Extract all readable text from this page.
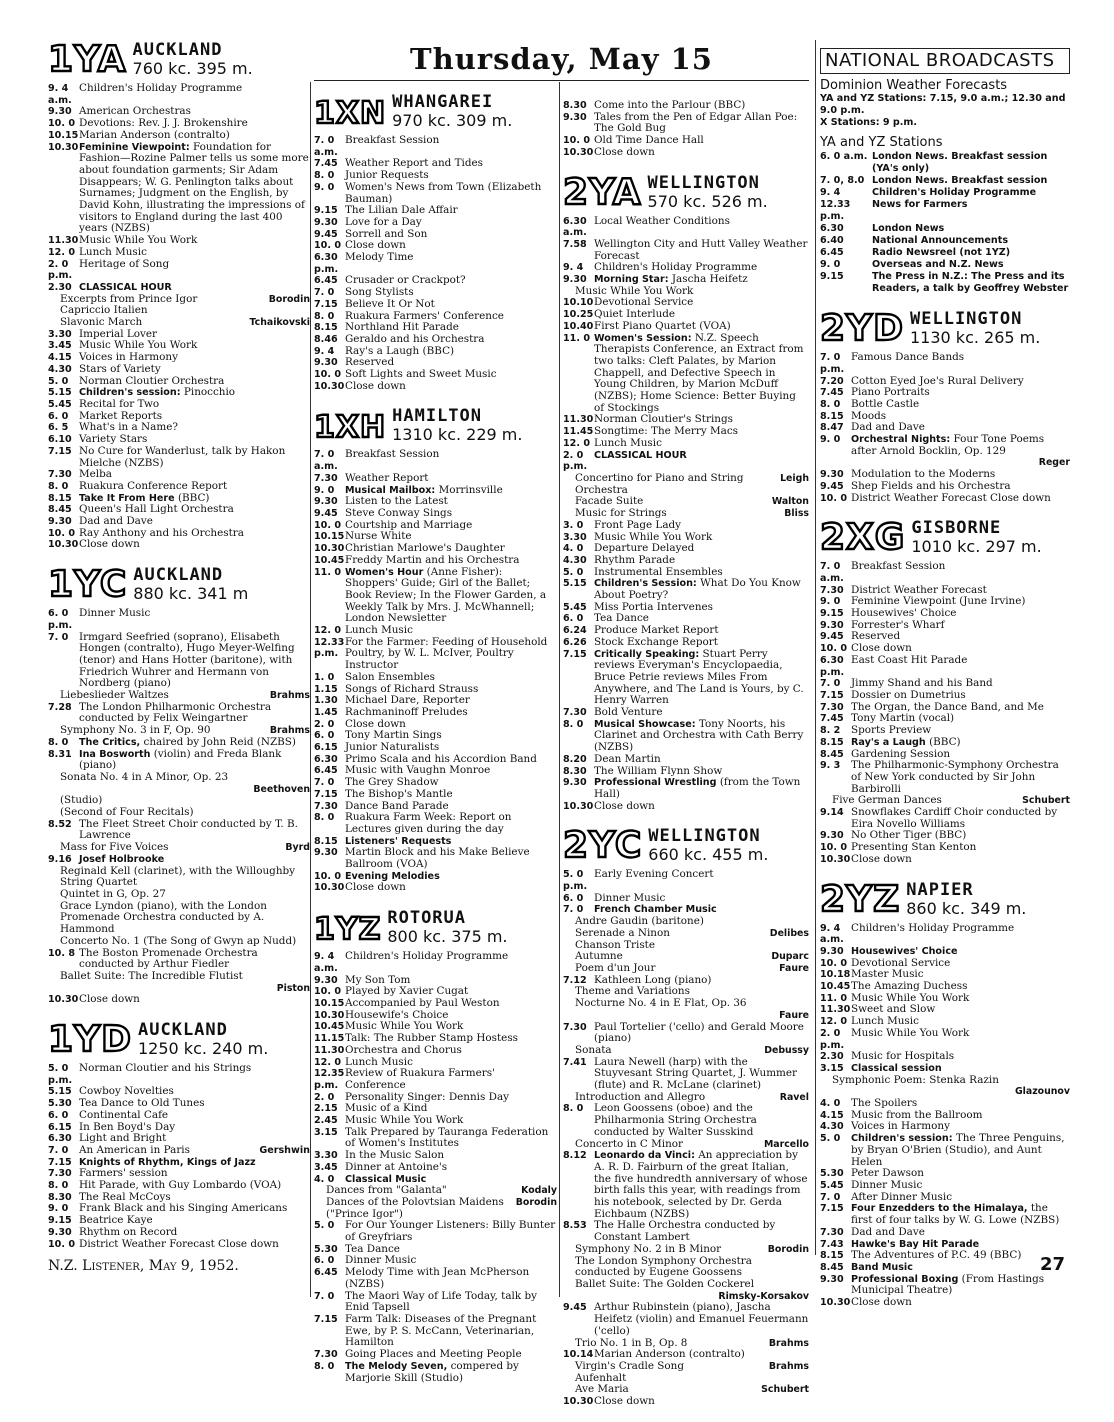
Thursday, May 15
1YA AUCKLAND
760 kc. 395 m.
9. 4 a.m.
Children's Holiday Programme
9.30 American Orchestras
10. 0 Devotions: Rev. J. J. Brokenshire
10.15 Marian Anderson (contralto)
10.30 Feminine Viewpoint: Foundation for Fashion—Rozine Palmer tells us some more about foundation garments; Sir Adam Disappears; W. G. Penlington talks about Surnames; Judgment on the English, by David Kohn, illustrating the impressions of visitors to England during the last 400 years (NZBS)
11.30 Music While You Work
12. 0 Lunch Music
2. 0 p.m.
Heritage of Song
2.30 CLASSICAL HOUR
Excerpts from Prince Igor	Borodin
Capriccio Italien
Slavonic March	Tchaikovski
3.30 Imperial Lover
3.45 Music While You Work
4.15 Voices in Harmony
4.30 Stars of Variety
5. 0	Norman Cloutier Orchestra
5.15 Children's session: Pinocchio
5.45 Recital for Two
6. 0	Market Reports
6. 5	What's in a Name?
6.10 Variety Stars
7.15 No Cure for Wanderlust, talk by Hakon Mielche (NZBS)
7.30 Melba
8. 0	Ruakura Conference Report
8.15 Take It From Here (BBC)
8.45 Queen's Hall Light Orchestra
9.30 Dad and Dave
10. 0 Ray Anthony and his Orchestra
10.30 Close down
1YC AUCKLAND
880 kc. 341 m
6. 0 p.m.
Dinner Music
7. 0	Irmgard Seefried (soprano), Elisabeth Hongen (contralto), Hugo Meyer-Welfing (tenor) and Hans Hotter (baritone), with Friedrich Wuhrer and Hermann von Nordberg (piano)
Liebeslieder Waltzes	Brahms
7.28 The London Philharmonic Orchestra conducted by Felix Weingartner
Symphony No. 3 in F, Op. 90	Brahms
8. 0	The Critics, chaired by John Reid (NZBS)
8.31 Ina Bosworth (violin) and Freda Blank (piano)
Sonata No. 4 in A Minor, Op. 23
Beethoven
(Studio)
(Second of Four Recitals)
8.52 The Fleet Street Choir conducted by T. B. Lawrence
Mass for Five Voices	Byrd
9.16 Josef Holbrooke
Reginald Kell (clarinet), with the Willoughby String Quartet
Quintet in G, Op. 27
Grace Lyndon (piano), with the London Promenade Orchestra conducted by A. Hammond
Concerto No. 1 (The Song of Gwyn ap Nudd)
10. 8 The Boston Promenade Orchestra conducted by Arthur Fiedler
Ballet Suite: The Incredible Flutist
Piston
10.30 Close down
1YD AUCKLAND
1250 kc. 240 m.
5. 0 p.m.
Norman Cloutier and his Strings
5.15 Cowboy Novelties
5.30 Tea Dance to Old Tunes
6. 0	Continental Cafe
6.15 In Ben Boyd's Day
6.30 Light and Bright
7. 0	An American in Paris	Gershwin
7.15 Knights of Rhythm, Kings of Jazz
7.30 Farmers' session
8. 0	Hit Parade, with Guy Lombardo (VOA)
8.30 The Real McCoys
9. 0	Frank Black and his Singing Americans
9.15 Beatrice Kaye
9.30 Rhythm on Record
10. 0 District Weather Forecast Close down
1XN WHANGAREI
970 kc. 309 m.
7. 0 a.m.
Breakfast Session
7.45 Weather Report and Tides
8. 0	Junior Requests
9. 0	Women's News from Town (Elizabeth Bauman)
9.15 The Lilian Dale Affair
9.30 Love for a Day
9.45 Sorrell and Son
10. 0 Close down
6.30 p.m.
Melody Time
6.45 Crusader or Crackpot?
7. 0	Song Stylists
7.15 Believe It Or Not
8. 0	Ruakura Farmers' Conference
8.15 Northland Hit Parade
8.46 Geraldo and his Orchestra
9. 4	Ray's a Laugh (BBC)
9.30 Reserved
10. 0 Soft Lights and Sweet Music
10.30 Close down
1XH HAMILTON
1310 kc. 229 m.
7. 0 a.m.
Breakfast Session
7.30 Weather Report
9. 0	Musical Mailbox: Morrinsville
9.30 Listen to the Latest
9.45 Steve Conway Sings
10. 0 Courtship and Marriage
10.15 Nurse White
10.30 Christian Marlowe's Daughter
10.45 Freddy Martin and his Orchestra
11. 0 Women's Hour (Anne Fisher): Shoppers' Guide; Girl of the Ballet; Book Review; In the Flower Garden, a Weekly Talk by Mrs. J. McWhannell; London Newsletter
12. 0 Lunch Music
12.33 p.m.
For the Farmer: Feeding of Household Poultry, by W. L. McIver, Poultry Instructor
1. 0	Salon Ensembles
1.15 Songs of Richard Strauss
1.30 Michael Dare, Reporter
1.45 Rachmaninoff Preludes
2. 0	Close down
6. 0	Tony Martin Sings
6.15 Junior Naturalists
6.30 Primo Scala and his Accordion Band
6.45 Music with Vaughn Monroe
7. 0	The Grey Shadow
7.15 The Bishop's Mantle
7.30 Dance Band Parade
8. 0	Ruakura Farm Week: Report on Lectures given during the day
8.15 Listeners' Requests
9.30 Martin Block and his Make Believe Ballroom (VOA)
10. 0 Evening Melodies
10.30 Close down
1YZ ROTORUA
800 kc. 375 m.
9. 4 a.m.
Children's Holiday Programme
9.30 My Son Tom
10. 0 Played by Xavier Cugat
10.15 Accompanied by Paul Weston
10.30 Housewife's Choice
10.45 Music While You Work
11.15 Talk: The Rubber Stamp Hostess
11.30 Orchestra and Chorus
12. 0 Lunch Music
12.35 p.m.
Review of Ruakura Farmers' Conference
2. 0	Personality Singer: Dennis Day
2.15 Music of a Kind
2.45 Music While You Work
3.15 Talk Prepared by Tauranga Federation of Women's Institutes
3.30 In the Music Salon
3.45 Dinner at Antoine's
4. 0	Classical Music
Dances from "Galanta"	Kodaly
Dances of the Polovtsian Maidens ("Prince Igor")
Borodin
5. 0	For Our Younger Listeners: Billy Bunter of Greyfriars
5.30 Tea Dance
6. 0	Dinner Music
6.45 Melody Time with Jean McPherson (NZBS)
7. 0	The Maori Way of Life Today, talk by Enid Tapsell
7.15 Farm Talk: Diseases of the Pregnant Ewe, by P. S. McCann, Veterinarian, Hamilton
7.30 Going Places and Meeting People
8. 0	The Melody Seven, compered by Marjorie Skill (Studio)
8.30 Come into the Parlour (BBC)
9.30 Tales from the Pen of Edgar Allan Poe: The Gold Bug
10. 0 Old Time Dance Hall
10.30 Close down
2YA WELLINGTON
570 kc. 526 m.
6.30 a.m.
Local Weather Conditions
7.58 Wellington City and Hutt Valley Weather Forecast
9. 4	Children's Holiday Programme
9.30 Morning Star: Jascha Heifetz
Music While You Work
10.10 Devotional Service
10.25 Quiet Interlude
10.40 First Piano Quartet (VOA)
11. 0 Women's Session: N.Z. Speech Therapists Conference, an Extract from two talks: Cleft Palates, by Marion Chappell, and Defective Speech in Young Children, by Marion McDuff (NZBS); Home Science: Better Buying of Stockings
11.30 Norman Cloutier's Strings
11.45 Songtime: The Merry Macs
12. 0 Lunch Music
2. 0 p.m.
CLASSICAL HOUR
Concertino for Piano and String Orchestra
Leigh
Facade Suite	Walton
Music for Strings	Bliss
3. 0	Front Page Lady
3.30 Music While You Work
4. 0	Departure Delayed
4.30 Rhythm Parade
5. 0	Instrumental Ensembles
5.15 Children's Session: What Do You Know About Poetry?
5.45 Miss Portia Intervenes
6. 0	Tea Dance
6.24 Produce Market Report
6.26 Stock Exchange Report
7.15 Critically Speaking: Stuart Perry reviews Everyman's Encyclopaedia, Bruce Petrie reviews Miles From Anywhere, and The Land is Yours, by C. Henry Warren
7.30 Bold Venture
8. 0	Musical Showcase: Tony Noorts, his Clarinet and Orchestra with Cath Berry (NZBS)
8.20 Dean Martin
8.30 The William Flynn Show
9.30 Professional Wrestling (from the Town Hall)
10.30 Close down
2YC WELLINGTON
660 kc. 455 m.
5. 0 p.m.
Early Evening Concert
6. 0	Dinner Music
7. 0	French Chamber Music
Andre Gaudin (baritone)
Serenade a Ninon	Delibes
Chanson Triste
Autumne	Duparc
Poem d'un Jour	Faure
7.12 Kathleen Long (piano)
Theme and Variations
Nocturne No. 4 in E Flat, Op. 36
Faure
7.30 Paul Tortelier ('cello) and Gerald Moore (piano)
Sonata	Debussy
7.41 Laura Newell (harp) with the Stuyvesant String Quartet, J. Wummer (flute) and R. McLane (clarinet)
Introduction and Allegro	Ravel
8. 0	Leon Goossens (oboe) and the Philharmonia String Orchestra conducted by Walter Susskind
Concerto in C Minor	Marcello
8.12 Leonardo da Vinci: An appreciation by A. R. D. Fairburn of the great Italian, the five hundredth anniversary of whose birth falls this year, with readings from his notebook, selected by Dr. Gerda Eichbaum (NZBS)
8.53 The Halle Orchestra conducted by Constant Lambert
Symphony No. 2 in B Minor	Borodin
The London Symphony Orchestra conducted by Eugene Goossens
Ballet Suite: The Golden Cockerel
Rimsky-Korsakov
9.45 Arthur Rubinstein (piano), Jascha Heifetz (violin) and Emanuel Feuermann ('cello)
Trio No. 1 in B, Op. 8	Brahms
10.14 Marian Anderson (contralto)
Virgin's Cradle Song	Brahms
Aufenhalt
Ave Maria	Schubert
10.30 Close down
NATIONAL BROADCASTS
Dominion Weather Forecasts
YA and YZ Stations: 7.15, 9.0 a.m.; 12.30 and 9.0 p.m.
X Stations: 9 p.m.
YA and YZ Stations
6. 0 a.m. London News. Breakfast session (YA's only)
7. 0, 8.0 London News. Breakfast session
9. 4	Children's Holiday Programme
12.33 p.m.
News for Farmers
6.30	London News
6.40	National Announcements
6.45	Radio Newsreel (not 1YZ)
9. 0	Overseas and N.Z. News
9.15	The Press in N.Z.: The Press and its Readers, a talk by Geoffrey Webster
2YD WELLINGTON
1130 kc. 265 m.
7. 0 p.m.
Famous Dance Bands
7.20 Cotton Eyed Joe's Rural Delivery
7.45 Piano Portraits
8. 0	Bottle Castle
8.15 Moods
8.47 Dad and Dave
9. 0	Orchestral Nights: Four Tone Poems after Arnold Bocklin, Op. 129
Reger
9.30 Modulation to the Moderns
9.45 Shep Fields and his Orchestra
10. 0 District Weather Forecast Close down
2XG GISBORNE
1010 kc. 297 m.
7. 0 a.m.
Breakfast Session
7.30 District Weather Forecast
9. 0	Feminine Viewpoint (June Irvine)
9.15 Housewives' Choice
9.30 Forrester's Wharf
9.45 Reserved
10. 0 Close down
6.30 p.m.
East Coast Hit Parade
7. 0	Jimmy Shand and his Band
7.15 Dossier on Dumetrius
7.30 The Organ, the Dance Band, and Me
7.45 Tony Martin (vocal)
8. 2	Sports Preview
8.15 Ray's a Laugh (BBC)
8.45 Gardening Session
9. 3	The Philharmonic-Symphony Orchestra of New York conducted by Sir John Barbirolli
Five German Dances	Schubert
9.14 Snowflakes Cardiff Choir conducted by Eira Novello Williams
9.30 No Other Tiger (BBC)
10. 0 Presenting Stan Kenton
10.30 Close down
2YZ NAPIER
860 kc. 349 m.
9. 4 a.m.
Children's Holiday Programme
9.30 Housewives' Choice
10. 0 Devotional Service
10.18 Master Music
10.45 The Amazing Duchess
11. 0 Music While You Work
11.30 Sweet and Slow
12. 0 Lunch Music
2. 0 p.m.
Music While You Work
2.30 Music for Hospitals
3.15 Classical session
Symphonic Poem: Stenka Razin
Glazounov
4. 0	The Spoilers
4.15 Music from the Ballroom
4.30 Voices in Harmony
5. 0	Children's session: The Three Penguins, by Bryan O'Brien (Studio), and Aunt Helen
5.30 Peter Dawson
5.45 Dinner Music
7. 0	After Dinner Music
7.15 Four Enzedders to the Himalaya, the first of four talks by W. G. Lowe (NZBS)
7.30 Dad and Dave
7.43 Hawke's Bay Hit Parade
8.15 The Adventures of P.C. 49 (BBC)
8.45 Band Music
9.30 Professional Boxing (From Hastings Municipal Theatre)
10.30 Close down
N.Z. Listener, May 9, 1952.	27
